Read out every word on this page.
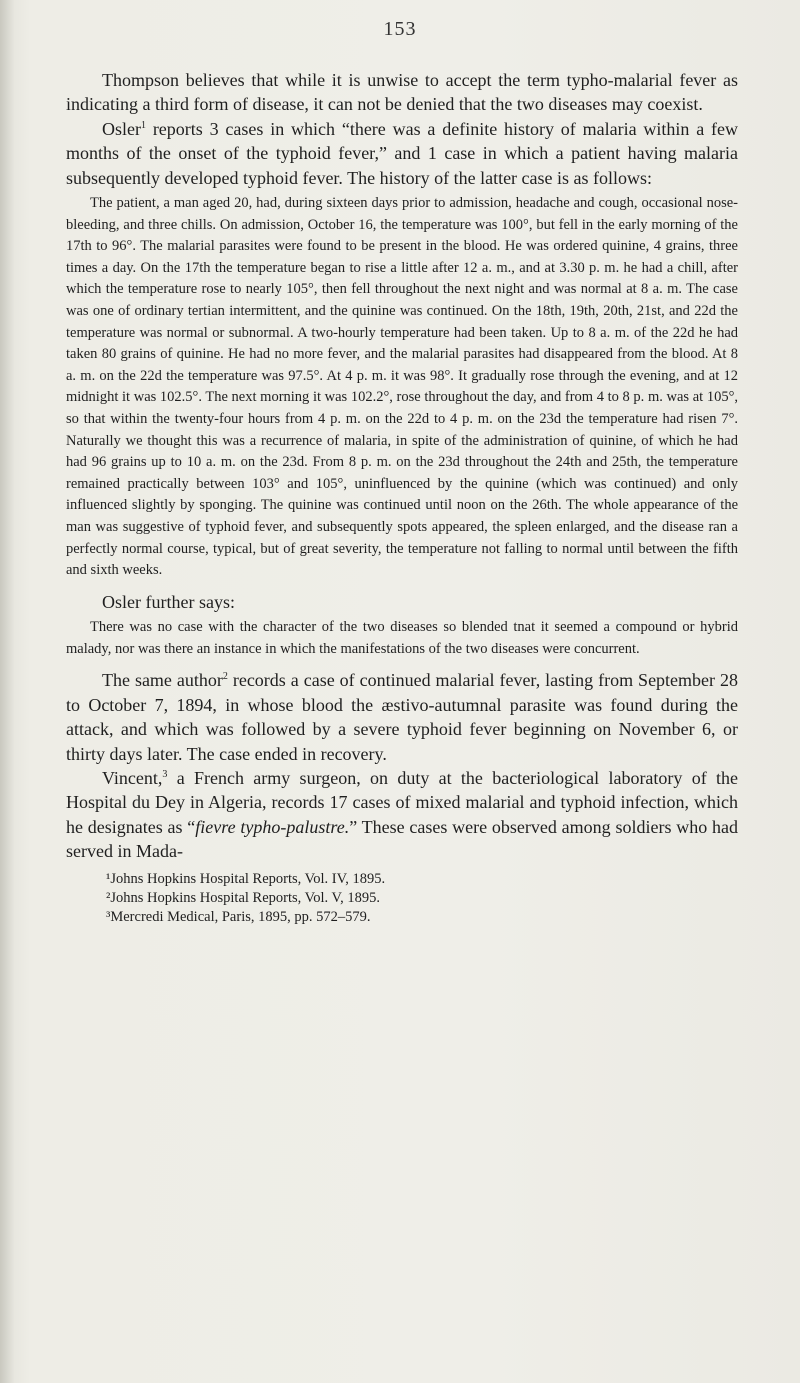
153

Thompson believes that while it is unwise to accept the term typho-malarial fever as indicating a third form of disease, it can not be denied that the two diseases may coexist.

Osler$^1$ reports 3 cases in which “there was a definite history of malaria within a few months of the onset of the typhoid fever,” and 1 case in which a patient having malaria subsequently developed typhoid fever. The history of the latter case is as follows:

The patient, a man aged 20, had, during sixteen days prior to admission, headache and cough, occasional nose-bleeding, and three chills. On admission, October 16, the temperature was 100°, but fell in the early morning of the 17th to 96°. The malarial parasites were found to be present in the blood. He was ordered quinine, 4 grains, three times a day. On the 17th the temperature began to rise a little after 12 a. m., and at 3.30 p. m. he had a chill, after which the temperature rose to nearly 105°, then fell throughout the next night and was normal at 8 a. m. The case was one of ordinary tertian intermittent, and the quinine was continued. On the 18th, 19th, 20th, 21st, and 22d the temperature was normal or subnormal. A two-hourly temperature had been taken. Up to 8 a. m. of the 22d he had taken 80 grains of quinine. He had no more fever, and the malarial parasites had disappeared from the blood. At 8 a. m. on the 22d the temperature was 97.5°. At 4 p. m. it was 98°. It gradually rose through the evening, and at 12 midnight it was 102.5°. The next morning it was 102.2°, rose throughout the day, and from 4 to 8 p. m. was at 105°, so that within the twenty-four hours from 4 p. m. on the 22d to 4 p. m. on the 23d the temperature had risen 7°. Naturally we thought this was a recurrence of malaria, in spite of the administration of quinine, of which he had had 96 grains up to 10 a. m. on the 23d. From 8 p. m. on the 23d throughout the 24th and 25th, the temperature remained practically between 103° and 105°, uninfluenced by the quinine (which was continued) and only influenced slightly by sponging. The quinine was continued until noon on the 26th. The whole appearance of the man was suggestive of typhoid fever, and subsequently spots appeared, the spleen enlarged, and the disease ran a perfectly normal course, typical, but of great severity, the temperature not falling to normal until between the fifth and sixth weeks.

Osler further says:

There was no case with the character of the two diseases so blended tnat it seemed a compound or hybrid malady, nor was there an instance in which the manifestations of the two diseases were concurrent.

The same author$^2$ records a case of continued malarial fever, lasting from September 28 to October 7, 1894, in whose blood the æstivo-autumnal parasite was found during the attack, and which was followed by a severe typhoid fever beginning on November 6, or thirty days later. The case ended in recovery.

Vincent,$^3$ a French army surgeon, on duty at the bacteriological laboratory of the Hospital du Dey in Algeria, records 17 cases of mixed malarial and typhoid infection, which he designates as “fievre typho-palustre.” These cases were observed among soldiers who had served in Mada-

¹Johns Hopkins Hospital Reports, Vol. IV, 1895.
²Johns Hopkins Hospital Reports, Vol. V, 1895.
³Mercredi Medical, Paris, 1895, pp. 572–579.
